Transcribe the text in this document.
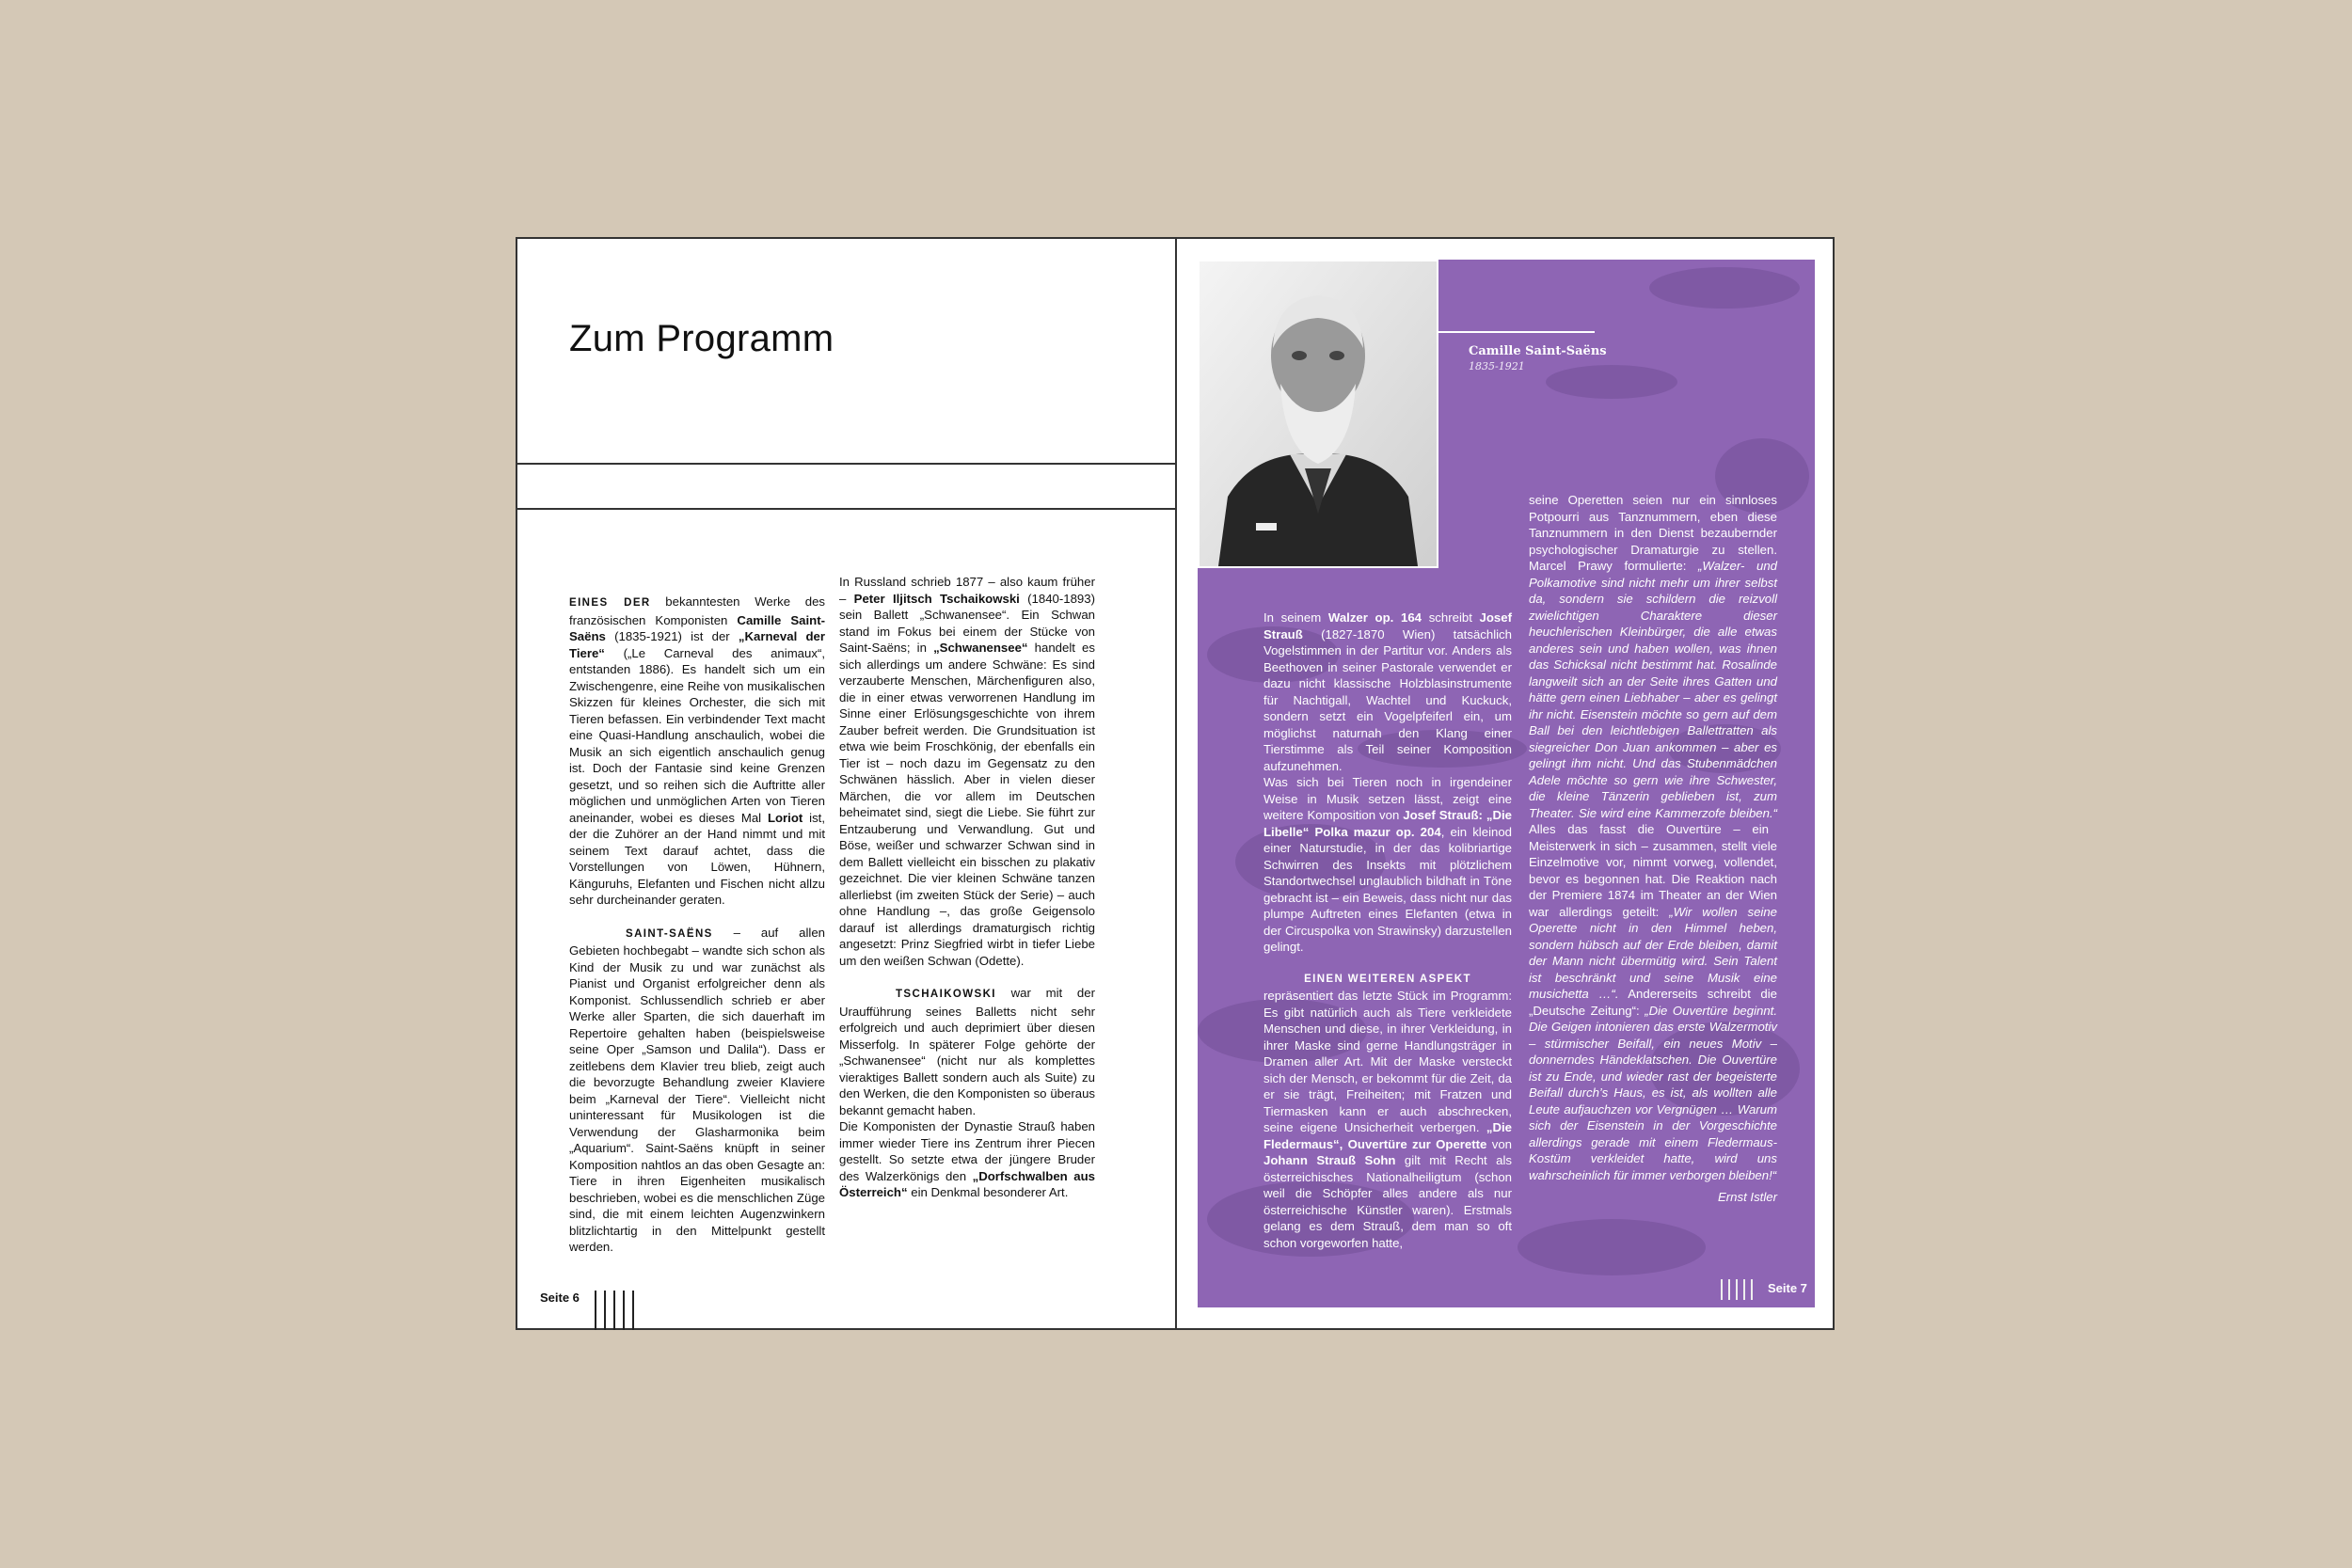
Zum Programm

EINES DER bekanntesten Werke des französischen Komponisten Camille Saint-Saëns (1835-1921) ist der „Karneval der Tiere“ („Le Carneval des animaux“, entstanden 1886). Es handelt sich um ein Zwischengenre, eine Reihe von musikalischen Skizzen für kleines Orchester, die sich mit Tieren befassen. Ein verbindender Text macht eine Quasi-Handlung anschaulich, wobei die Musik an sich eigentlich anschaulich genug ist. Doch der Fantasie sind keine Grenzen gesetzt, und so reihen sich die Auftritte aller möglichen und unmöglichen Arten von Tieren aneinander, wobei es dieses Mal Loriot ist, der die Zuhörer an der Hand nimmt und mit seinem Text darauf achtet, dass die Vorstellungen von Löwen, Hühnern, Känguruhs, Elefanten und Fischen nicht allzu sehr durcheinander geraten.

SAINT-SAËNS – auf allen Gebieten hochbegabt – wandte sich schon als Kind der Musik zu und war zunächst als Pianist und Organist erfolgreicher denn als Komponist. Schlussendlich schrieb er aber Werke aller Sparten, die sich dauerhaft im Repertoire gehalten haben (beispielsweise seine Oper „Samson und Dalila“). Dass er zeitlebens dem Klavier treu blieb, zeigt auch die bevorzugte Behandlung zweier Klaviere beim „Karneval der Tiere“. Vielleicht nicht uninteressant für Musikologen ist die Verwendung der Glasharmonika beim „Aquarium“. Saint-Saëns knüpft in seiner Komposition nahtlos an das oben Gesagte an: Tiere in ihren Eigenheiten musikalisch beschrieben, wobei es die menschlichen Züge sind, die mit einem leichten Augenzwinkern blitzlichtartig in den Mittelpunkt gestellt werden.

In Russland schrieb 1877 – also kaum früher – Peter Iljitsch Tschaikowski (1840-1893) sein Ballett „Schwanensee“. Ein Schwan stand im Fokus bei einem der Stücke von Saint-Saëns; in „Schwanensee“ handelt es sich allerdings um andere Schwäne: Es sind verzauberte Menschen, Märchenfiguren also, die in einer etwas verworrenen Handlung im Sinne einer Erlösungsgeschichte von ihrem Zauber befreit werden. Die Grundsituation ist etwa wie beim Froschkönig, der ebenfalls ein Tier ist – noch dazu im Gegensatz zu den Schwänen hässlich. Aber in vielen dieser Märchen, die vor allem im Deutschen beheimatet sind, siegt die Liebe. Sie führt zur Entzauberung und Verwandlung. Gut und Böse, weißer und schwarzer Schwan sind in dem Ballett vielleicht ein bisschen zu plakativ gezeichnet. Die vier kleinen Schwäne tanzen allerliebst (im zweiten Stück der Serie) – auch ohne Handlung –, das große Geigensolo darauf ist allerdings dramaturgisch richtig angesetzt: Prinz Siegfried wirbt in tiefer Liebe um den weißen Schwan (Odette).

TSCHAIKOWSKI war mit der Uraufführung seines Balletts nicht sehr erfolgreich und auch deprimiert über diesen Misserfolg. In späterer Folge gehörte der „Schwanensee“ (nicht nur als komplettes vieraktiges Ballett sondern auch als Suite) zu den Werken, die den Komponisten so überaus bekannt gemacht haben.
Die Komponisten der Dynastie Strauß haben immer wieder Tiere ins Zentrum ihrer Piecen gestellt. So setzte etwa der jüngere Bruder des Walzerkönigs den „Dorfschwalben aus Österreich“ ein Denkmal besonderer Art.

Seite 6
Camille Saint-Saëns
1835-1921

In seinem Walzer op. 164 schreibt Josef Strauß (1827-1870 Wien) tatsächlich Vogelstimmen in der Partitur vor. Anders als Beethoven in seiner Pastorale verwendet er dazu nicht klassische Holzblasinstrumente für Nachtigall, Wachtel und Kuckuck, sondern setzt ein Vogelpfeiferl ein, um möglichst naturnah den Klang einer Tierstimme als Teil seiner Komposition aufzunehmen.
Was sich bei Tieren noch in irgendeiner Weise in Musik setzen lässt, zeigt eine weitere Komposition von Josef Strauß: „Die Libelle“ Polka mazur op. 204, ein kleinod einer Naturstudie, in der das kolibriartige Schwirren des Insekts mit plötzlichem Standortwechsel unglaublich bildhaft in Töne gebracht ist – ein Beweis, dass nicht nur das plumpe Auftreten eines Elefanten (etwa in der Circuspolka von Strawinsky) darzustellen gelingt.

EINEN WEITEREN ASPEKT
repräsentiert das letzte Stück im Programm: Es gibt natürlich auch als Tiere verkleidete Menschen und diese, in ihrer Verkleidung, in ihrer Maske sind gerne Handlungsträger in Dramen aller Art. Mit der Maske versteckt sich der Mensch, er bekommt für die Zeit, da er sie trägt, Freiheiten; mit Fratzen und Tiermasken kann er auch abschrecken, seine eigene Unsicherheit verbergen. „Die Fledermaus“, Ouvertüre zur Operette von Johann Strauß Sohn gilt mit Recht als österreichisches Nationalheiligtum (schon weil die Schöpfer alles andere als nur österreichische Künstler waren). Erstmals gelang es dem Strauß, dem man so oft schon vorgeworfen hatte,

seine Operetten seien nur ein sinnloses Potpourri aus Tanznummern, eben diese Tanznummern in den Dienst bezaubernder psychologischer Dramaturgie zu stellen. Marcel Prawy formulierte: „Walzer- und Polkamotive sind nicht mehr um ihrer selbst da, sondern sie schildern die reizvoll zwielichtigen Charaktere dieser heuchlerischen Kleinbürger, die alle etwas anderes sein und haben wollen, was ihnen das Schicksal nicht bestimmt hat. Rosalinde langweilt sich an der Seite ihres Gatten und hätte gern einen Liebhaber – aber es gelingt ihr nicht. Eisenstein möchte so gern auf dem Ball bei den leichtlebigen Ballettratten als siegreicher Don Juan ankommen – aber es gelingt ihm nicht. Und das Stubenmädchen Adele möchte so gern wie ihre Schwester, die kleine Tänzerin geblieben ist, zum Theater. Sie wird eine Kammerzofe bleiben.“ Alles das fasst die Ouvertüre – ein Meisterwerk in sich – zusammen, stellt viele Einzelmotive vor, nimmt vorweg, vollendet, bevor es begonnen hat. Die Reaktion nach der Premiere 1874 im Theater an der Wien war allerdings geteilt: „Wir wollen seine Operette nicht in den Himmel heben, sondern hübsch auf der Erde bleiben, damit der Mann nicht übermütig wird. Sein Talent ist beschränkt und seine Musik eine musichetta …“. Andererseits schreibt die „Deutsche Zeitung“: „Die Ouvertüre beginnt. Die Geigen intonieren das erste Walzermotiv – stürmischer Beifall, ein neues Motiv – donnerndes Händeklatschen. Die Ouvertüre ist zu Ende, und wieder rast der begeisterte Beifall durch’s Haus, es ist, als wollten alle Leute aufjauchzen vor Vergnügen … Warum sich der Eisenstein in der Vorgeschichte allerdings gerade mit einem Fledermaus-Kostüm verkleidet hatte, wird uns wahrscheinlich für immer verborgen bleiben!“

Ernst Istler

Seite 7
